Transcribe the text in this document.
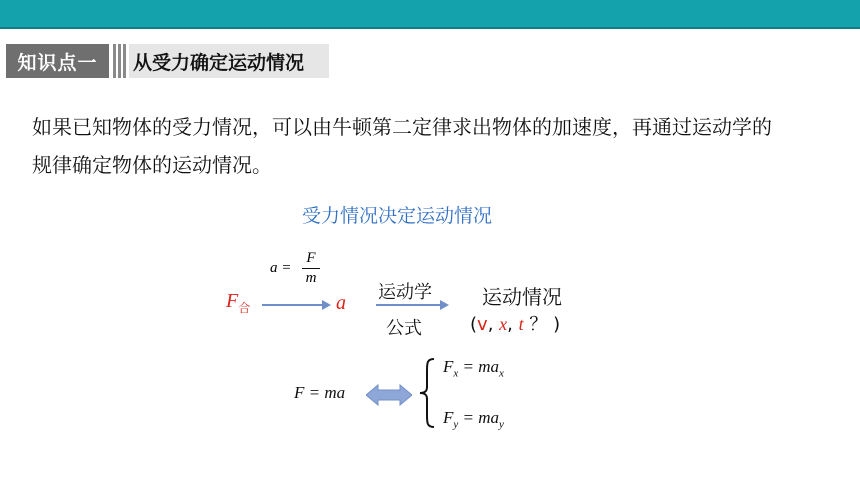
知识点一	从受力确定运动情况
如果已知物体的受力情况，可以由牛顿第二定律求出物体的加速度，再通过运动学的
规律确定物体的运动情况。
受力情况决定运动情况
a =
F
m
$F_合$	a 运动学
公式
运动情况
(v, x, t ？ )
F = ma
$F_x = ma_x$
$F_y = ma_y$
